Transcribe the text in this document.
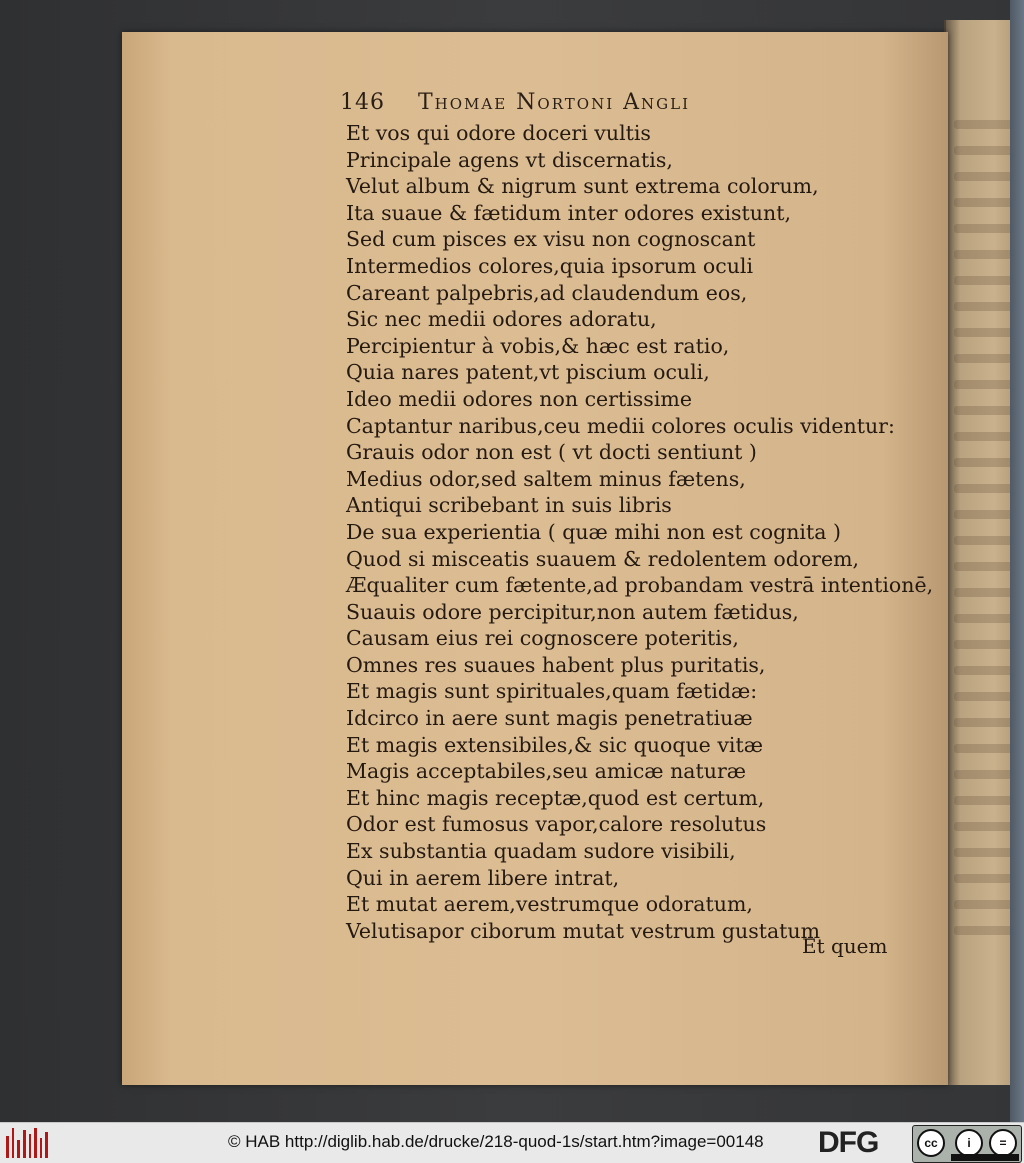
146 Thomae Nortoni Angli
Et vos qui odore doceri vultis
Principale agens vt discernatis,
Velut album & nigrum sunt extrema colorum,
Ita suaue & fætidum inter odores existunt,
Sed cum pisces ex visu non cognoscant
Intermedios colores,quia ipsorum oculi
Careant palpebris,ad claudendum eos,
Sic nec medii odores adoratu,
Percipientur à vobis,& hæc est ratio,
Quia nares patent,vt piscium oculi,
Ideo medii odores non certissime
Captantur naribus,ceu medii colores oculis videntur:
Grauis odor non est ( vt docti sentiunt )
Medius odor,sed saltem minus fætens,
Antiqui scribebant in suis libris
De sua experientia ( quæ mihi non est cognita )
Quod si misceatis suauem & redolentem odorem,
Æqualiter cum fætente,ad probandam vestrā intentionē,
Suauis odore percipitur,non autem fætidus,
Causam eius rei cognoscere poteritis,
Omnes res suaues habent plus puritatis,
Et magis sunt spirituales,quam fætidæ:
Idcirco in aere sunt magis penetratiuæ
Et magis extensibiles,& sic quoque vitæ
Magis acceptabiles,seu amicæ naturæ
Et hinc magis receptæ,quod est certum,
Odor est fumosus vapor,calore resolutus
Ex substantia quadam sudore visibili,
Qui in aerem libere intrat,
Et mutat aerem,vestrumque odoratum,
Velutisapor ciborum mutat vestrum gustatum
Et quem
© HAB http://diglib.hab.de/drucke/218-quod-1s/start.htm?image=00148	DFG	cc	i	=
